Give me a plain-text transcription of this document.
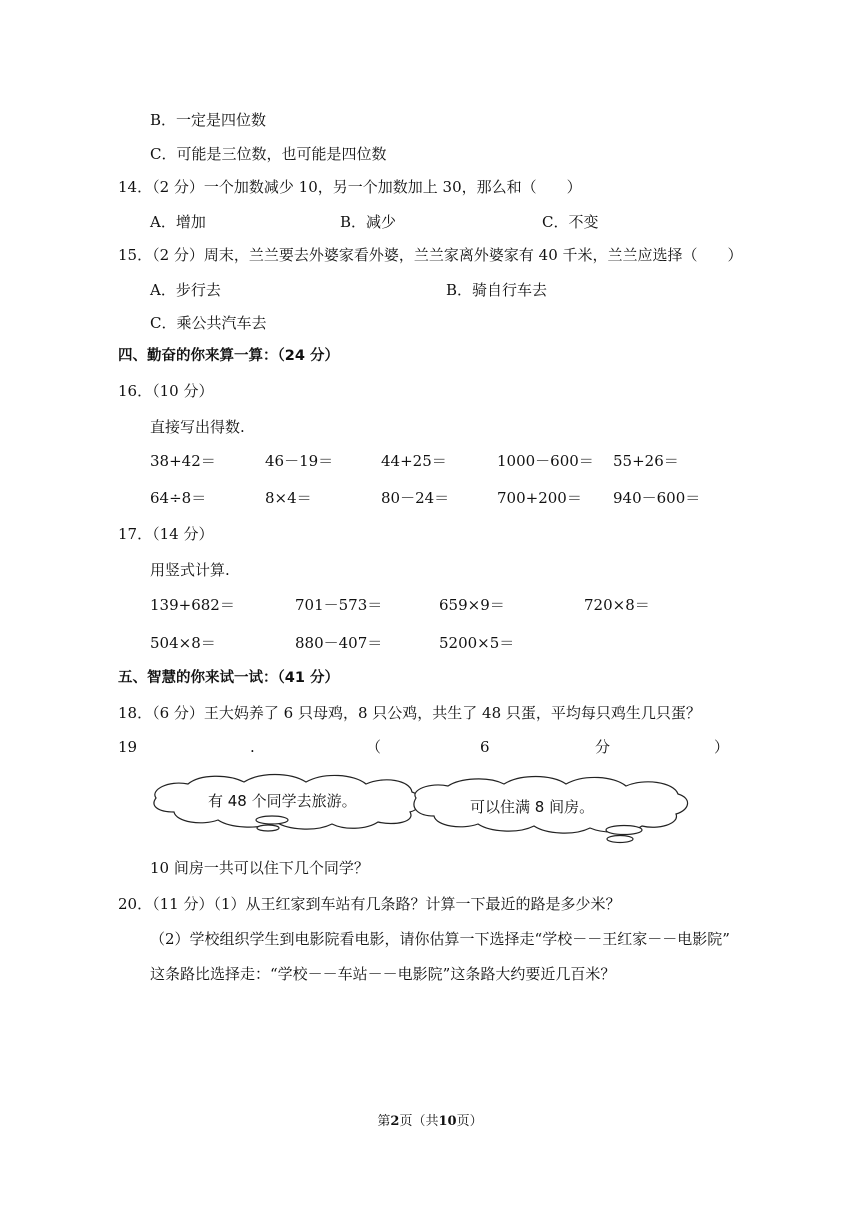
B．一定是四位数
C．可能是三位数，也可能是四位数
14．（2 分）一个加数减少 10，另一个加数加上 30，那么和（　　）
A．增加	B．减少	C．不变
15．（2 分）周末，兰兰要去外婆家看外婆，兰兰家离外婆家有 40 千米，兰兰应选择（　　）
A．步行去	B．骑自行车去
C．乘公共汽车去
四、勤奋的你来算一算：（24 分）
16．（10 分）
直接写出得数.
38+42＝	46－19＝	44+25＝	1000－600＝ 55+26＝
64÷8＝	8×4＝	80－24＝	700+200＝ 940－600＝
17．（14 分）
用竖式计算.
139+682＝	701－573＝	659×9＝	720×8＝
504×8＝	880－407＝	5200×5＝
五、智慧的你来试一试：（41 分）
18．（6 分）王大妈养了 6 只母鸡，8 只公鸡，共生了 48 只蛋，平均每只鸡生几只蛋？
19	.	（	6	分	）
有 48 个同学去旅游。	可以住满 8 间房。
10 间房一共可以住下几个同学？
20．（11 分）（1）从王红家到车站有几条路？计算一下最近的路是多少米？
（2）学校组织学生到电影院看电影，请你估算一下选择走“学校－－王红家－－电影院”
这条路比选择走：“学校－－车站－－电影院”这条路大约要近几百米？
第2页（共10页）
